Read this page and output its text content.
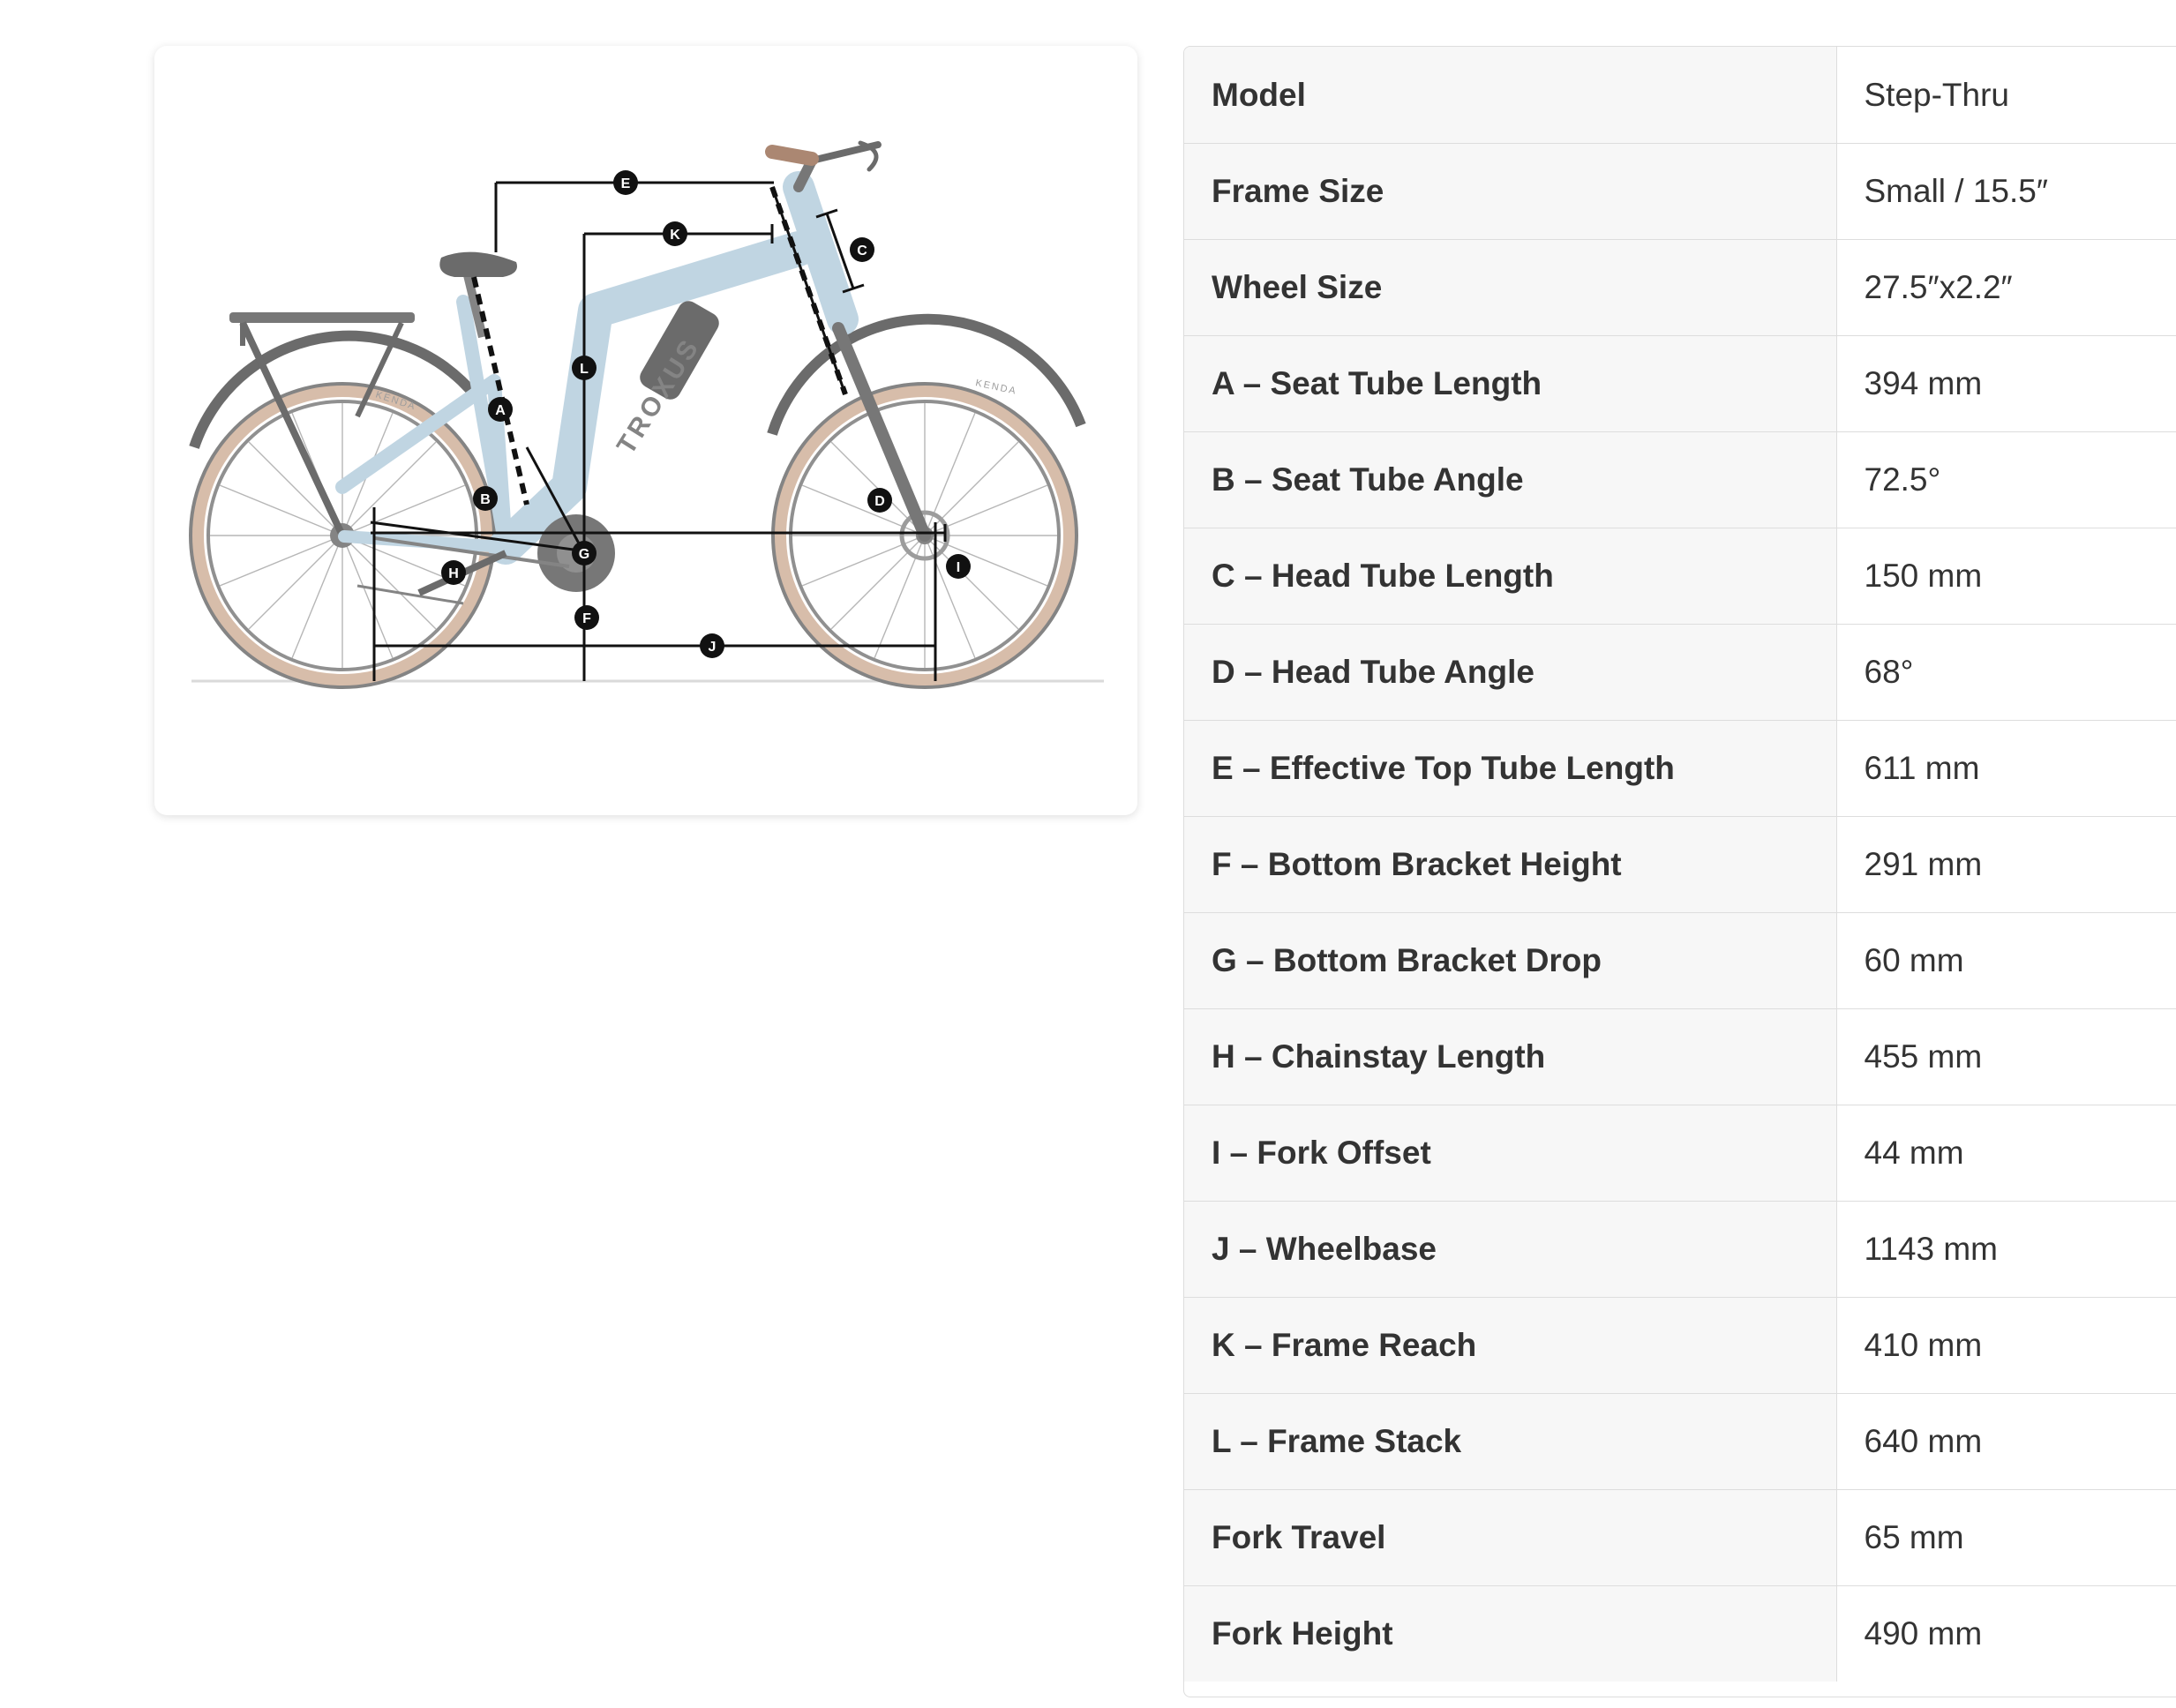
TROXUS
KENDA
KENDA
E
K
C
L
A
B	D
G
H	I
F
J
Model	Step-Thru
Frame Size	Small / 15.5″
Wheel Size	27.5″x2.2″
A – Seat Tube Length	394 mm
B – Seat Tube Angle	72.5°
C – Head Tube Length	150 mm
D – Head Tube Angle	68°
E – Effective Top Tube Length	611 mm
F – Bottom Bracket Height	291 mm
G – Bottom Bracket Drop	60 mm
H – Chainstay Length	455 mm
I – Fork Offset	44 mm
J – Wheelbase	1143 mm
K – Frame Reach	410 mm
L – Frame Stack	640 mm
Fork Travel	65 mm
Fork Height	490 mm
